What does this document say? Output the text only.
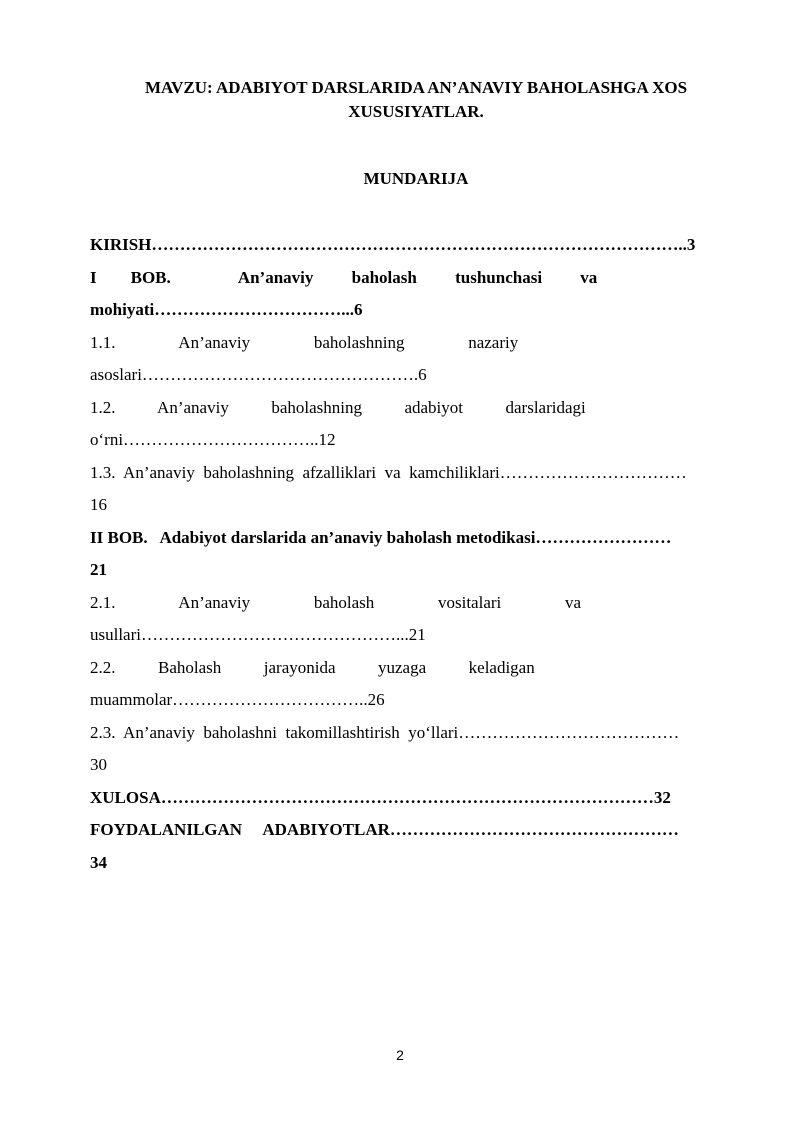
MAVZU: ADABIYOT DARSLARIDA AN’ANAVIY BAHOLASHGA XOS
XUSUSIYATLAR.
MUNDARIJA
KIRISH…………………………………………………………………………………..3
I        BOB.                An’anaviy         baholash         tushunchasi         va
mohiyati……………………………...6
1.1.               An’anaviy               baholashning               nazariy
asoslari………………………………………….6
1.2.          An’anaviy          baholashning          adabiyot          darslaridagi
o‘rni……………………………..12
1.3.  An’anaviy  baholashning  afzalliklari  va  kamchiliklari……………………………
16
II BOB.   Adabiyot darslarida an’anaviy baholash metodikasi……………………
21
2.1.               An’anaviy               baholash               vositalari               va
usullari………………………………………...21
2.2.          Baholash          jarayonida          yuzaga          keladigan
muammolar……………………………..26
2.3.  An’anaviy  baholashni  takomillashtirish  yo‘llari…………………………………
30
XULOSA……………………………………………………………………………32
FOYDALANILGAN     ADABIYOTLAR……………………………………………
34
2
